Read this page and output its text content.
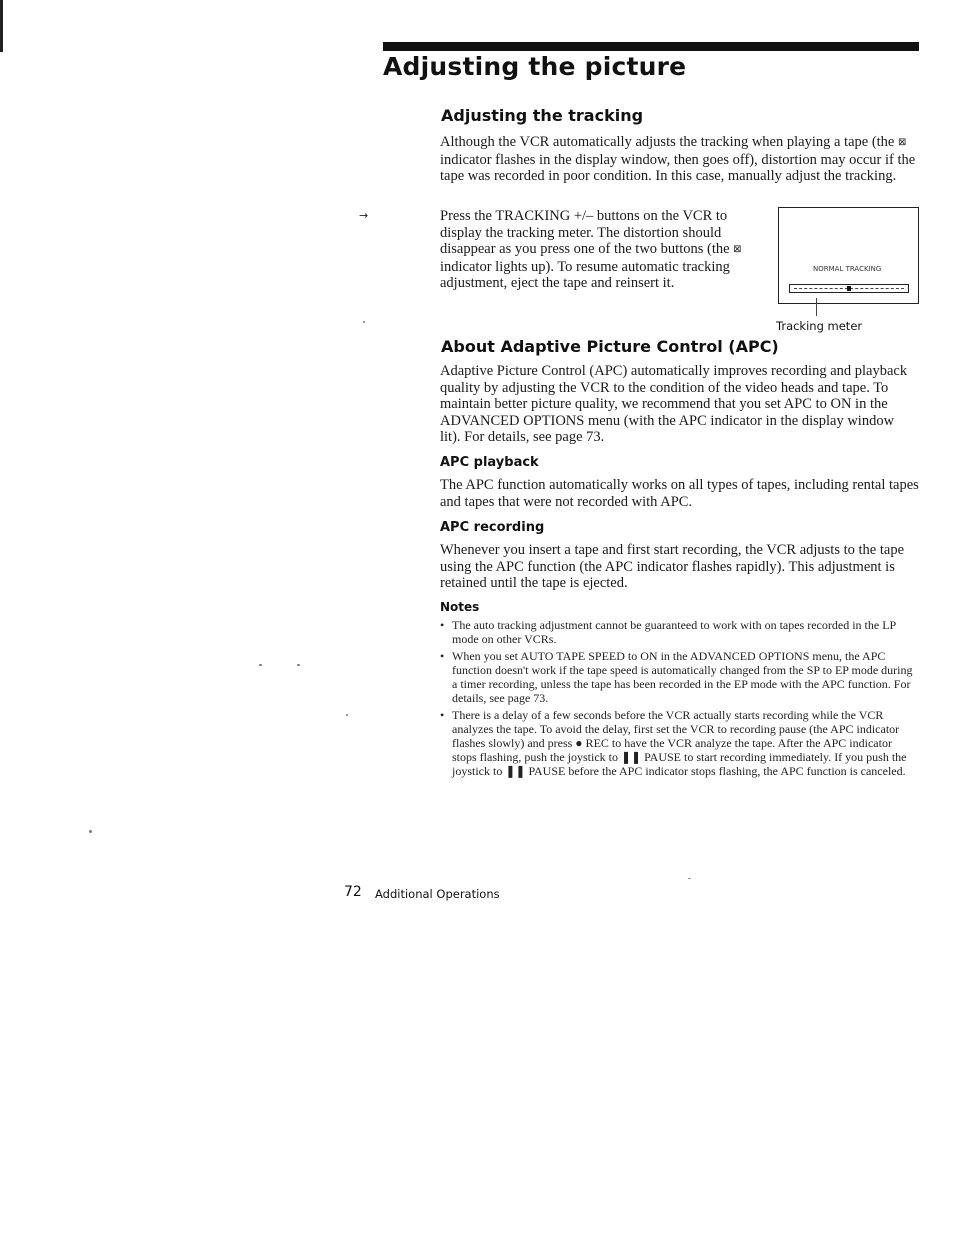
Adjusting the picture
Adjusting the tracking

Although the VCR automatically adjusts the tracking when playing a tape (the ⊠ indicator flashes in the display window, then goes off), distortion may occur if the tape was recorded in poor condition. In this case, manually adjust the tracking.

→	Press the TRACKING +/– buttons on the VCR to display the tracking meter. The distortion should disappear as you press one of the two buttons (the ⊠ indicator lights up). To resume automatic tracking adjustment, eject the tape and reinsert it.

NORMAL TRACKING

Tracking meter

About Adaptive Picture Control (APC)

Adaptive Picture Control (APC) automatically improves recording and playback quality by adjusting the VCR to the condition of the video heads and tape. To maintain better picture quality, we recommend that you set APC to ON in the ADVANCED OPTIONS menu (with the APC indicator in the display window lit). For details, see page 73.

APC playback

The APC function automatically works on all types of tapes, including rental tapes and tapes that were not recorded with APC.

APC recording

Whenever you insert a tape and first start recording, the VCR adjusts to the tape using the APC function (the APC indicator flashes rapidly). This adjustment is retained until the tape is ejected.

Notes
• The auto tracking adjustment cannot be guaranteed to work with on tapes recorded in the LP mode on other VCRs.
• When you set AUTO TAPE SPEED to ON in the ADVANCED OPTIONS menu, the APC function doesn't work if the tape speed is automatically changed from the SP to EP mode during a timer recording, unless the tape has been recorded in the EP mode with the APC function. For details, see page 73.
• There is a delay of a few seconds before the VCR actually starts recording while the VCR analyzes the tape. To avoid the delay, first set the VCR to recording pause (the APC indicator flashes slowly) and press ● REC to have the VCR analyze the tape. After the APC indicator stops flashing, push the joystick to ❚❚ PAUSE to start recording immediately. If you push the joystick to ❚❚ PAUSE before the APC indicator stops flashing, the APC function is canceled.
72 Additional Operations
